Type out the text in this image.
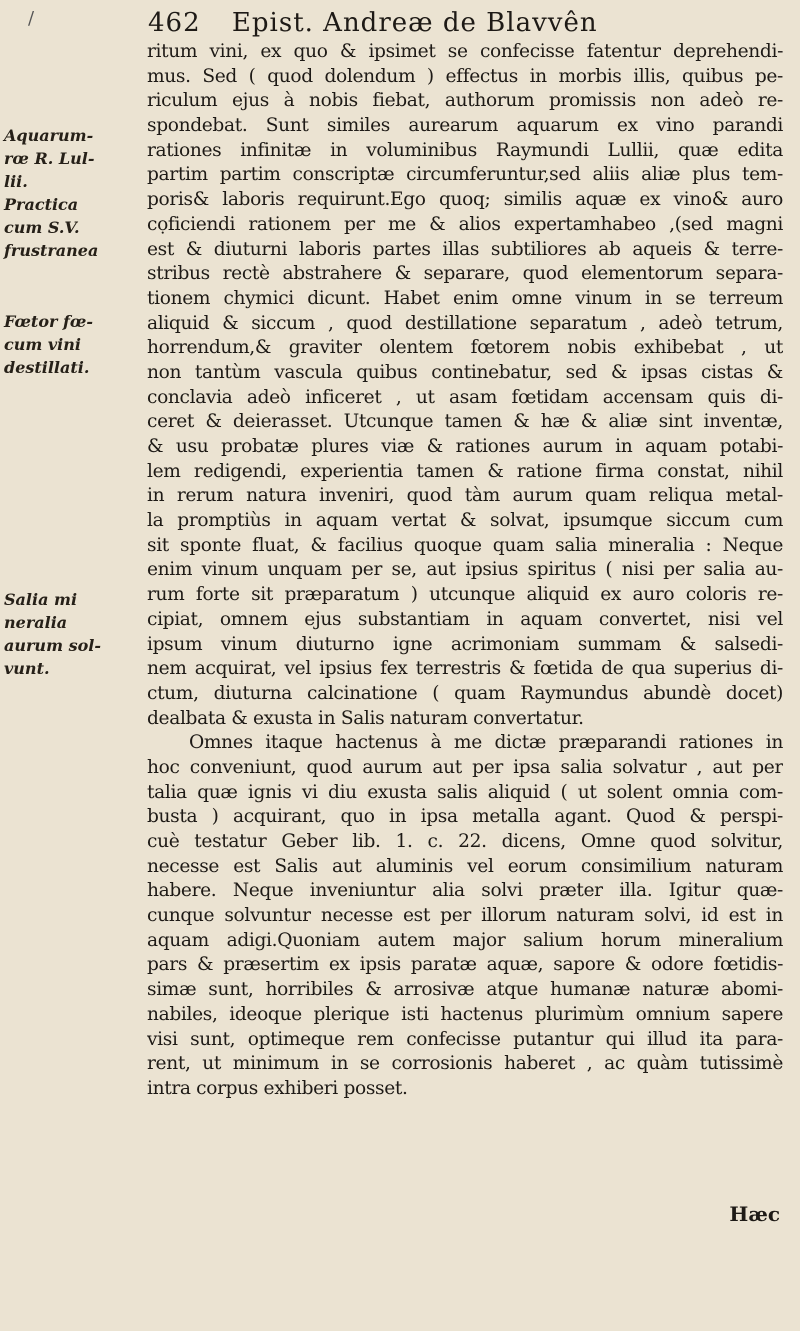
/	462 Epist. Andreæ de Blavvên
Aquarum-
rœ R. Lul-
lii.
Practica
cum S.V.
frustranea
Fœtor fœ-
cum vini
destillati.
Salia mi
neralia
aurum sol-
vunt.
ritum vini, ex quo & ipsimet se confecisse fatentur deprehendi-
mus. Sed ( quod dolendum ) effectus in morbis illis, quibus pe-
riculum ejus à nobis fiebat, authorum promissis non adeò re-
spondebat. Sunt similes aurearum aquarum ex vino parandi
rationes infinitæ in voluminibus Raymundi Lullii, quæ edita
partim partim conscriptæ circumferuntur,sed aliis aliæ plus tem-
poris& laboris requirunt.Ego quoq; similis aquæ ex vino& auro
cọficiendi rationem per me & alios expertamhabeo ,(sed magni
est & diuturni laboris partes illas subtiliores ab aqueis & terre-
stribus rectè abstrahere & separare, quod elementorum separa-
tionem chymici dicunt. Habet enim omne vinum in se terreum
aliquid & siccum , quod destillatione separatum , adeò tetrum,
horrendum,& graviter olentem fœtorem nobis exhibebat , ut
non tantùm vascula quibus continebatur, sed & ipsas cistas &
conclavia adeò inficeret , ut asam fœtidam accensam quis di-
ceret & deierasset. Utcunque tamen & hæ & aliæ sint inventæ,
& usu probatæ plures viæ & rationes aurum in aquam potabi-
lem redigendi, experientia tamen & ratione firma constat, nihil
in rerum natura inveniri, quod tàm aurum quam reliqua metal-
la promptiùs in aquam vertat & solvat, ipsumque siccum cum
sit sponte fluat, & facilius quoque quam salia mineralia : Neque
enim vinum unquam per se, aut ipsius spiritus ( nisi per salia au-
rum forte sit præparatum ) utcunque aliquid ex auro coloris re-
cipiat, omnem ejus substantiam in aquam convertet, nisi vel
ipsum vinum diuturno igne acrimoniam summam & salsedi-
nem acquirat, vel ipsius fex terrestris & fœtida de qua superius di-
ctum, diuturna calcinatione ( quam Raymundus abundè docet)
dealbata & exusta in Salis naturam convertatur.
Omnes itaque hactenus à me dictæ præparandi rationes in
hoc conveniunt, quod aurum aut per ipsa salia solvatur , aut per
talia quæ ignis vi diu exusta salis aliquid ( ut solent omnia com-
busta ) acquirant, quo in ipsa metalla agant. Quod & perspi-
cuè testatur Geber lib. 1. c. 22. dicens, Omne quod solvitur,
necesse est Salis aut aluminis vel eorum consimilium naturam
habere. Neque inveniuntur alia solvi præter illa. Igitur quæ-
cunque solvuntur necesse est per illorum naturam solvi, id est in
aquam adigi.Quoniam autem major salium horum mineralium
pars & præsertim ex ipsis paratæ aquæ, sapore & odore fœtidis-
simæ sunt, horribiles & arrosivæ atque humanæ naturæ abomi-
nabiles, ideoque plerique isti hactenus plurimùm omnium sapere
visi sunt, optimeque rem confecisse putantur qui illud ita para-
rent, ut minimum in se corrosionis haberet , ac quàm tutissimè
intra corpus exhiberi posset.
Hæc
